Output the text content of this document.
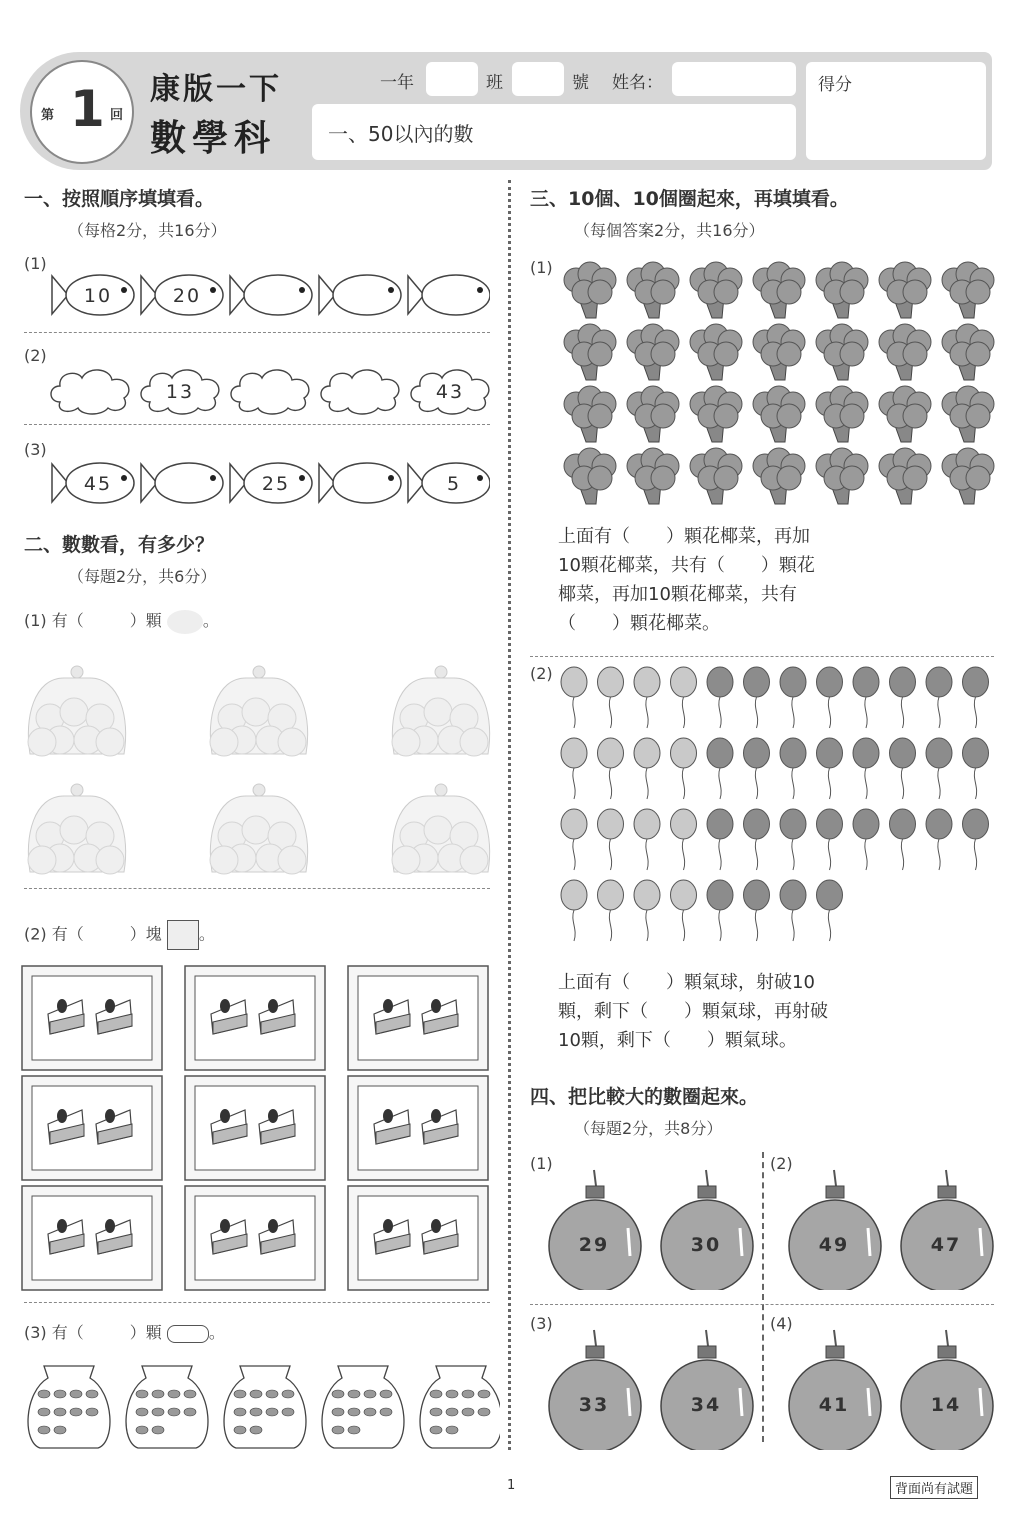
第 1 回
康版一下
數學科
一年	班	號 姓名：
一、50以內的數
得分
一、按照順序填填看。
（每格2分，共16分）
(1)
10	20
(2)
13	43
(3)
45	25	5
二、數數看，有多少？
（每題2分，共6分）
(1) 有（	）顆	。
(2) 有（	）塊 。
(3) 有（	）顆	。
三、10個、10個圈起來，再填填看。
（每個答案2分，共16分）
(1)
上面有（　　）顆花椰菜，再加
10顆花椰菜，共有（　　）顆花
椰菜，再加10顆花椰菜，共有
（　　）顆花椰菜。
(2)
上面有（　　）顆氣球，射破10
顆，剩下（　　）顆氣球，再射破
10顆，剩下（　　）顆氣球。
四、把比較大的數圈起來。
（每題2分，共8分）
(1)
29	30
(2)
49	47
(3)
33	34
(4)
41	14
1	背面尚有試題
